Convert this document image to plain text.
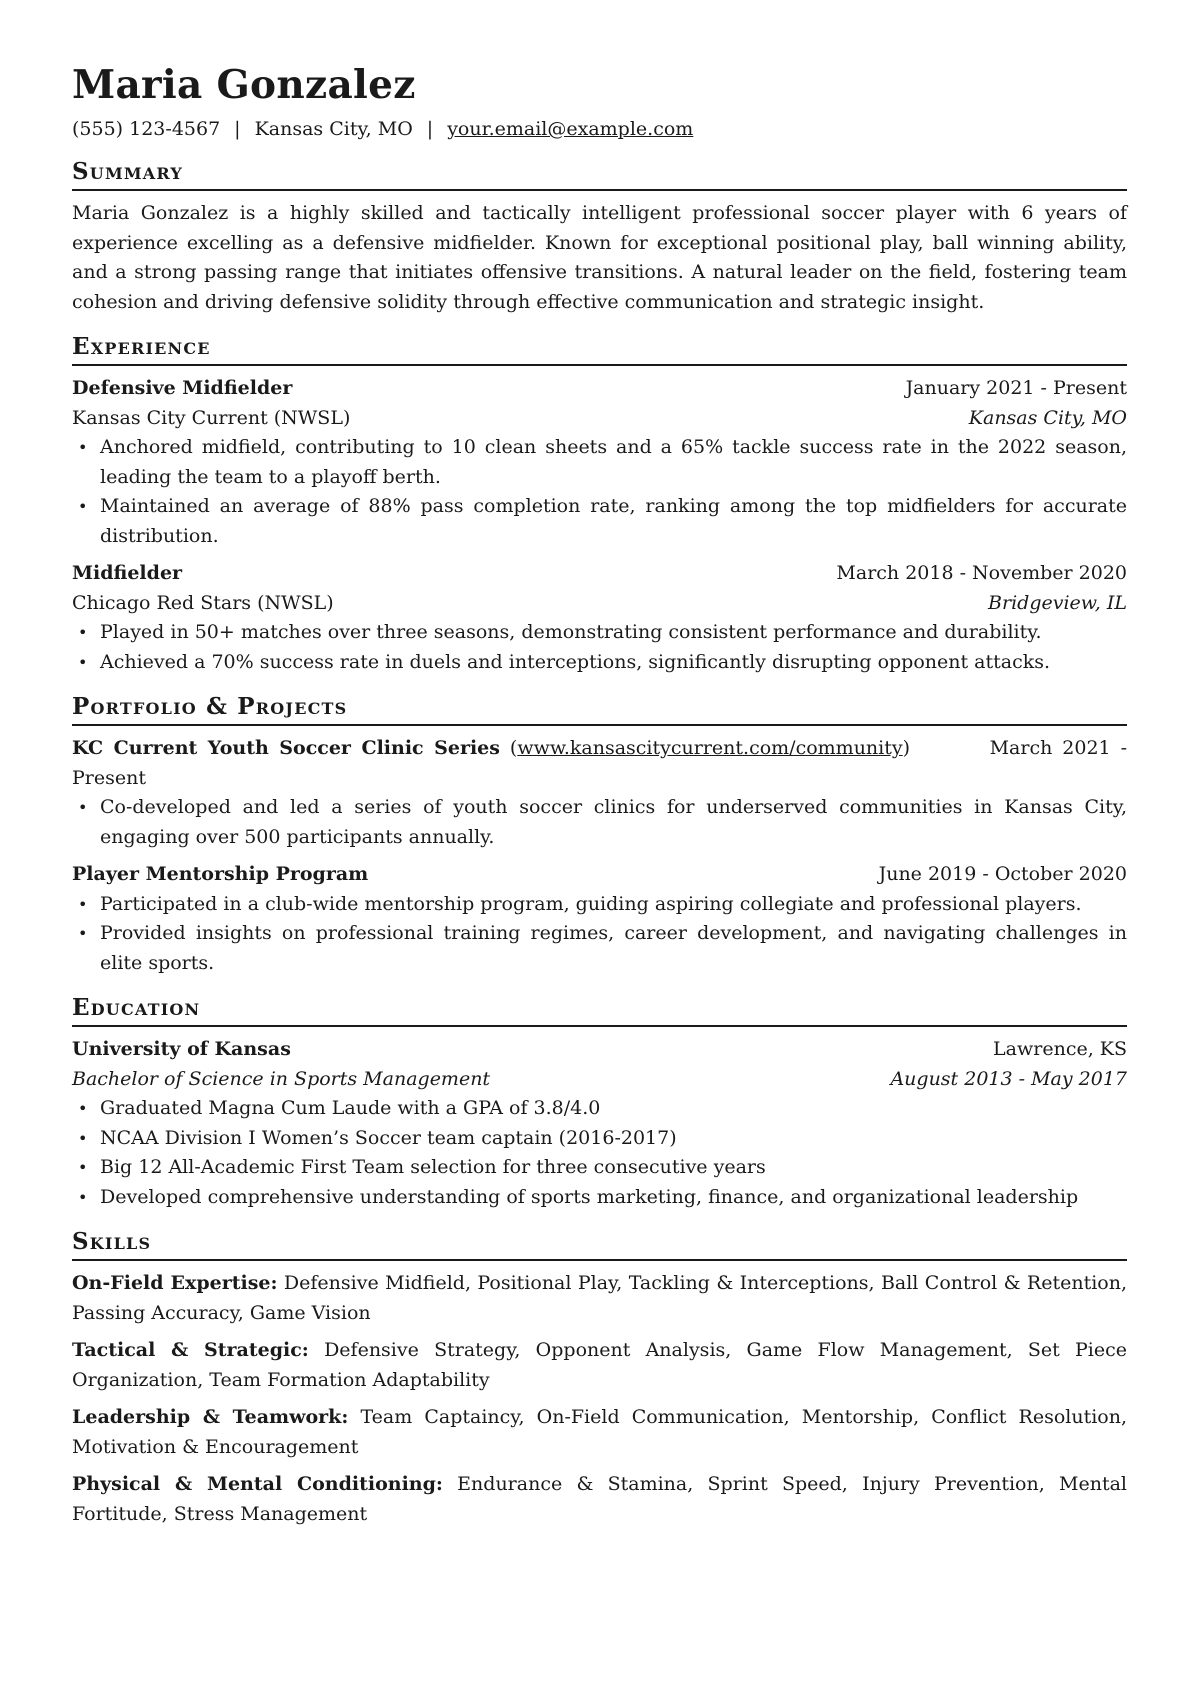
Maria Gonzalez
(555) 123-4567 | Kansas City, MO | your.email@example.com
Summary
Maria Gonzalez is a highly skilled and tactically intelligent professional soccer player with 6 years of experience excelling as a defensive midfielder. Known for exceptional positional play, ball winning ability, and a strong passing range that initiates offensive transitions. A natural leader on the field, fostering team cohesion and driving defensive solidity through effective communication and strategic insight.
Experience
Defensive Midfielder	January 2021 - Present
Kansas City Current (NWSL)	Kansas City, MO
• Anchored midfield, contributing to 10 clean sheets and a 65% tackle success rate in the 2022 season, leading the team to a playoff berth.
• Maintained an average of 88% pass completion rate, ranking among the top midfielders for accurate distribution.
Midfielder	March 2018 - November 2020
Chicago Red Stars (NWSL)	Bridgeview, IL
• Played in 50+ matches over three seasons, demonstrating consistent performance and durability.
• Achieved a 70% success rate in duels and interceptions, significantly disrupting opponent attacks.
Portfolio & Projects
KC Current Youth Soccer Clinic Series (www.kansascitycurrent.com/community)        March 2021 - Present
• Co-developed and led a series of youth soccer clinics for underserved communities in Kansas City, engaging over 500 participants annually.
Player Mentorship Program	June 2019 - October 2020
• Participated in a club-wide mentorship program, guiding aspiring collegiate and professional players.
• Provided insights on professional training regimes, career development, and navigating challenges in elite sports.
Education
University of Kansas	Lawrence, KS
Bachelor of Science in Sports Management	August 2013 - May 2017
• Graduated Magna Cum Laude with a GPA of 3.8/4.0
• NCAA Division I Women’s Soccer team captain (2016-2017)
• Big 12 All-Academic First Team selection for three consecutive years
• Developed comprehensive understanding of sports marketing, finance, and organizational leadership
Skills
On-Field Expertise: Defensive Midfield, Positional Play, Tackling & Interceptions, Ball Control & Retention, Passing Accuracy, Game Vision
Tactical & Strategic: Defensive Strategy, Opponent Analysis, Game Flow Management, Set Piece Organization, Team Formation Adaptability
Leadership & Teamwork: Team Captaincy, On-Field Communication, Mentorship, Conflict Resolution, Motivation & Encouragement
Physical & Mental Conditioning: Endurance & Stamina, Sprint Speed, Injury Prevention, Mental Fortitude, Stress Management
